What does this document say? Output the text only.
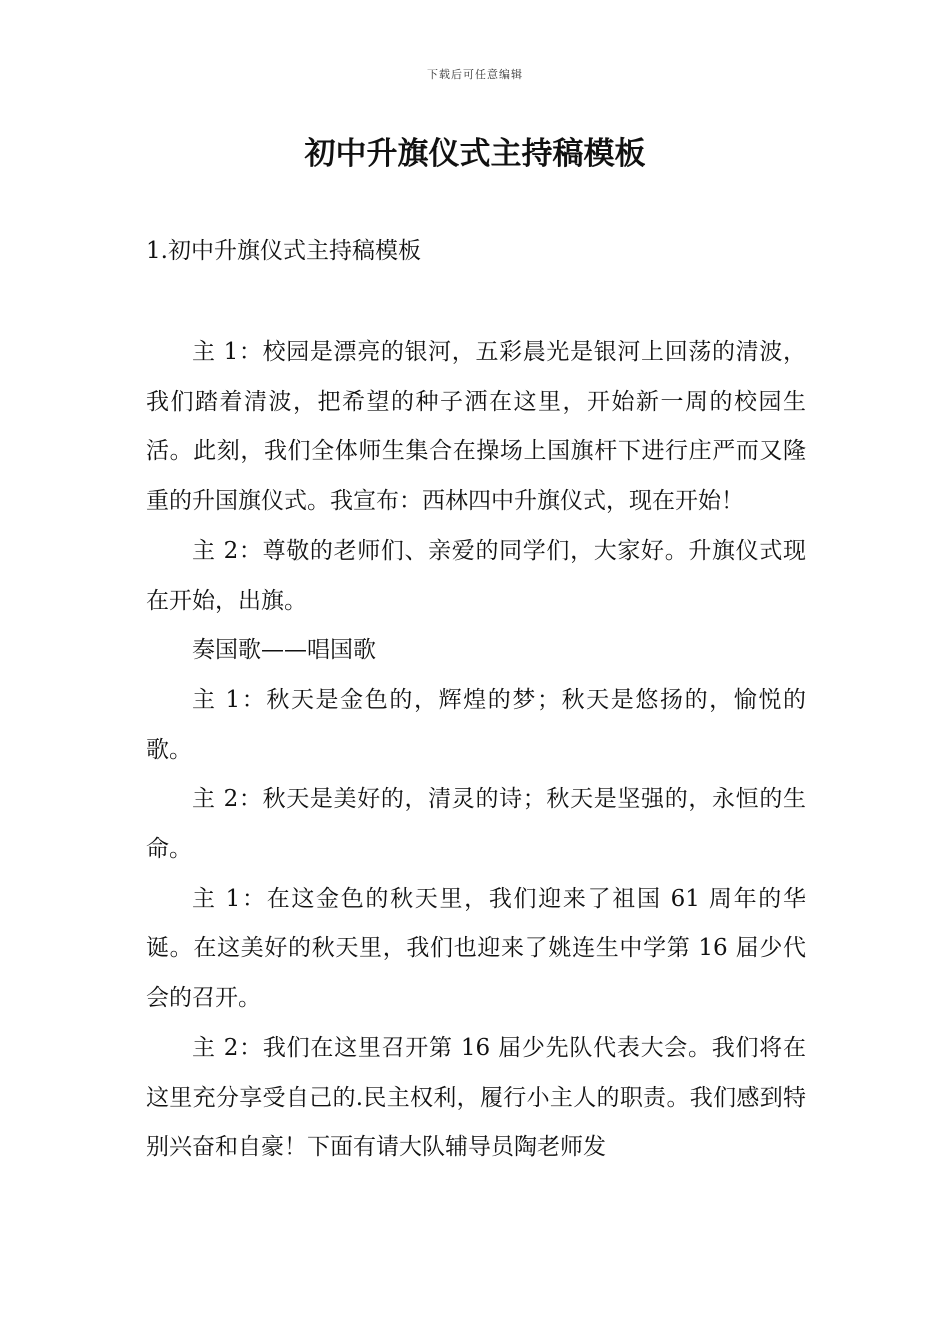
下载后可任意编辑
初中升旗仪式主持稿模板
1.初中升旗仪式主持稿模板

主 1：校园是漂亮的银河，五彩晨光是银河上回荡的清波，我们踏着清波，把希望的种子洒在这里，开始新一周的校园生活。此刻，我们全体师生集合在操场上国旗杆下进行庄严而又隆重的升国旗仪式。我宣布：西林四中升旗仪式，现在开始！

主 2：尊敬的老师们、亲爱的同学们，大家好。升旗仪式现在开始，出旗。

奏国歌——唱国歌

主 1：秋天是金色的，辉煌的梦；秋天是悠扬的，愉悦的歌。

主 2：秋天是美好的，清灵的诗；秋天是坚强的，永恒的生命。

主 1：在这金色的秋天里，我们迎来了祖国 61 周年的华诞。在这美好的秋天里，我们也迎来了姚连生中学第 16 届少代会的召开。

主 2：我们在这里召开第 16 届少先队代表大会。我们将在这里充分享受自己的.民主权利，履行小主人的职责。我们感到特别兴奋和自豪！下面有请大队辅导员陶老师发
